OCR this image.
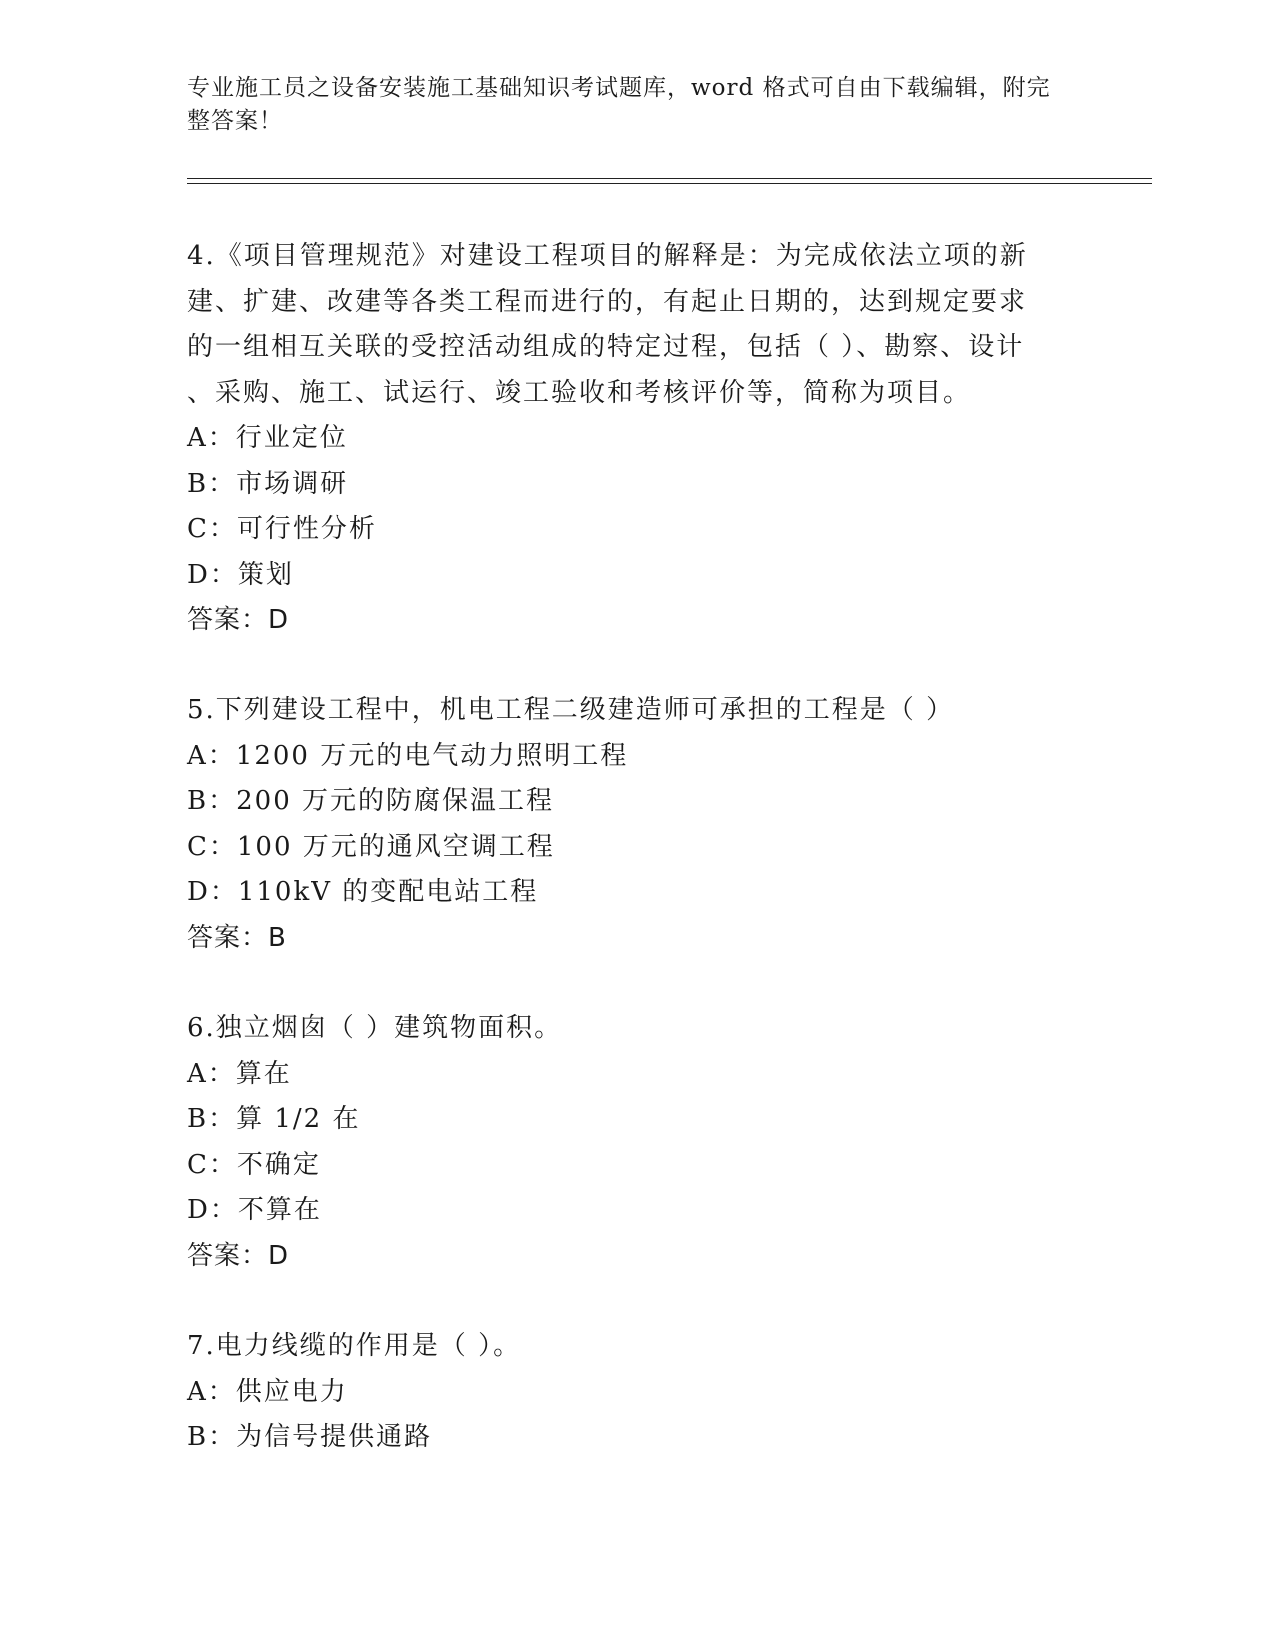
专业施工员之设备安装施工基础知识考试题库，word 格式可自由下载编辑，附完
整答案！
4.《项目管理规范》对建设工程项目的解释是：为完成依法立项的新
建、扩建、改建等各类工程而进行的，有起止日期的，达到规定要求
的一组相互关联的受控活动组成的特定过程，包括（ ）、勘察、设计
、采购、施工、试运行、竣工验收和考核评价等，简称为项目。
A：行业定位
B：市场调研
C：可行性分析
D：策划
答案：D
5.下列建设工程中，机电工程二级建造师可承担的工程是（ ）
A：1200 万元的电气动力照明工程
B：200 万元的防腐保温工程
C：100 万元的通风空调工程
D：110kV 的变配电站工程
答案：B
6.独立烟囱（ ）建筑物面积。
A：算在
B：算 1/2 在
C：不确定
D：不算在
答案：D
7.电力线缆的作用是（ ）。
A：供应电力
B：为信号提供通路
